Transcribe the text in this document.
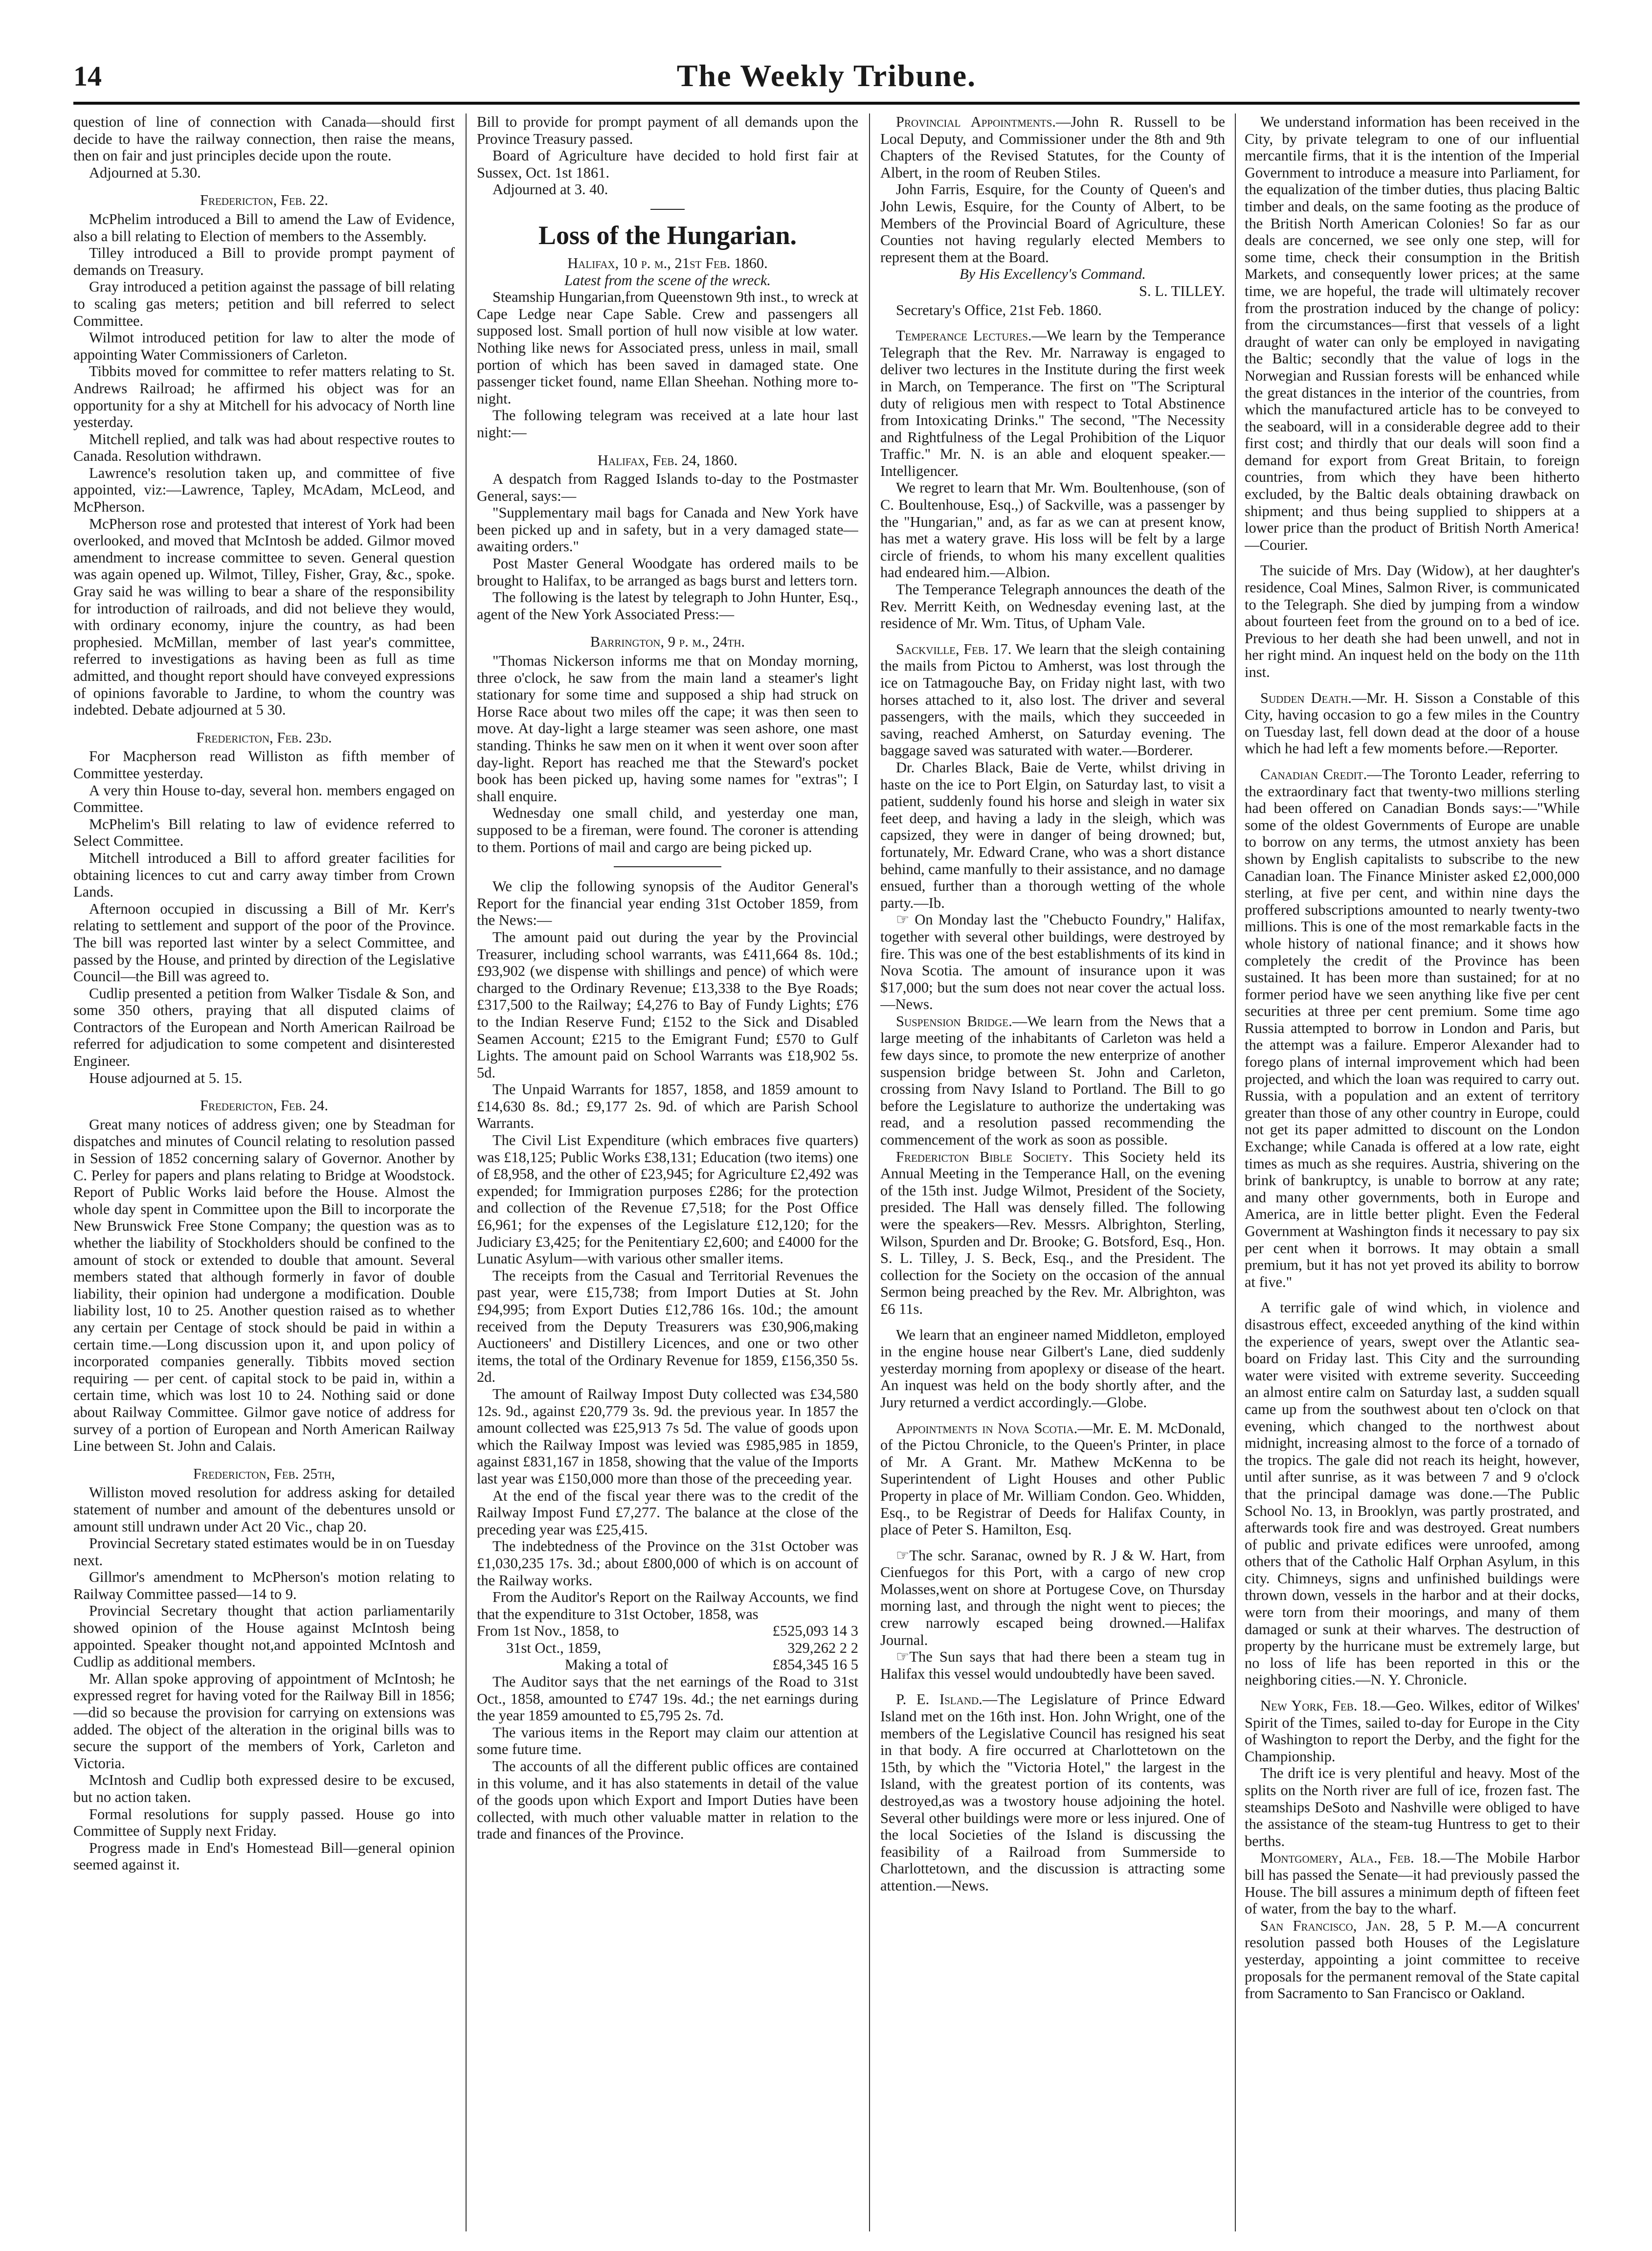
14	The Weekly Tribune.

question of line of connection with Canada—should first decide to have the railway connection, then raise the means, then on fair and just principles decide upon the route.

Adjourned at 5.30.

Fredericton, Feb. 22.

McPhelim introduced a Bill to amend the Law of Evidence, also a bill relating to Election of members to the Assembly.

Tilley introduced a Bill to provide prompt payment of demands on Treasury.

Gray introduced a petition against the passage of bill relating to scaling gas meters; petition and bill referred to select Committee.

Wilmot introduced petition for law to alter the mode of appointing Water Commissioners of Carleton.

Tibbits moved for committee to refer matters relating to St. Andrews Railroad; he affirmed his object was for an opportunity for a shy at Mitchell for his advocacy of North line yesterday.

Mitchell replied, and talk was had about respective routes to Canada. Resolution withdrawn.

Lawrence's resolution taken up, and committee of five appointed, viz:—Lawrence, Tapley, McAdam, McLeod, and McPherson.

McPherson rose and protested that interest of York had been overlooked, and moved that McIntosh be added. Gilmor moved amendment to increase committee to seven. General question was again opened up. Wilmot, Tilley, Fisher, Gray, &c., spoke. Gray said he was willing to bear a share of the responsibility for introduction of railroads, and did not believe they would, with ordinary economy, injure the country, as had been prophesied. McMillan, member of last year's committee, referred to investigations as having been as full as time admitted, and thought report should have conveyed expressions of opinions favorable to Jardine, to whom the country was indebted. Debate adjourned at 5 30.

Fredericton, Feb. 23d.

For Macpherson read Williston as fifth member of Committee yesterday.

A very thin House to-day, several hon. members engaged on Committee.

McPhelim's Bill relating to law of evidence referred to Select Committee.

Mitchell introduced a Bill to afford greater facilities for obtaining licences to cut and carry away timber from Crown Lands.

Afternoon occupied in discussing a Bill of Mr. Kerr's relating to settlement and support of the poor of the Province. The bill was reported last winter by a select Committee, and passed by the House, and printed by direction of the Legislative Council—the Bill was agreed to.

Cudlip presented a petition from Walker Tisdale & Son, and some 350 others, praying that all disputed claims of Contractors of the European and North American Railroad be referred for adjudication to some competent and disinterested Engineer.

House adjourned at 5. 15.

Fredericton, Feb. 24.

Great many notices of address given; one by Steadman for dispatches and minutes of Council relating to resolution passed in Session of 1852 concerning salary of Governor. Another by C. Perley for papers and plans relating to Bridge at Woodstock. Report of Public Works laid before the House. Almost the whole day spent in Committee upon the Bill to incorporate the New Brunswick Free Stone Company; the question was as to whether the liability of Stockholders should be confined to the amount of stock or extended to double that amount. Several members stated that although formerly in favor of double liability, their opinion had undergone a modification. Double liability lost, 10 to 25. Another question raised as to whether any certain per Centage of stock should be paid in within a certain time.—Long discussion upon it, and upon policy of incorporated companies generally. Tibbits moved section requiring — per cent. of capital stock to be paid in, within a certain time, which was lost 10 to 24. Nothing said or done about Railway Committee. Gilmor gave notice of address for survey of a portion of European and North American Railway Line between St. John and Calais.

Fredericton, Feb. 25th,

Williston moved resolution for address asking for detailed statement of number and amount of the debentures unsold or amount still undrawn under Act 20 Vic., chap 20.

Provincial Secretary stated estimates would be in on Tuesday next.

Gillmor's amendment to McPherson's motion relating to Railway Committee passed—14 to 9.

Provincial Secretary thought that action parliamentarily showed opinion of the House against McIntosh being appointed. Speaker thought not,and appointed McIntosh and Cudlip as additional members.

Mr. Allan spoke approving of appointment of McIntosh; he expressed regret for having voted for the Railway Bill in 1856;—did so because the provision for carrying on extensions was added. The object of the alteration in the original bills was to secure the support of the members of York, Carleton and Victoria.

McIntosh and Cudlip both expressed desire to be excused, but no action taken.

Formal resolutions for supply passed. House go into Committee of Supply next Friday.

Progress made in End's Homestead Bill—general opinion seemed against it.

Bill to provide for prompt payment of all demands upon the Province Treasury passed.

Board of Agriculture have decided to hold first fair at Sussex, Oct. 1st 1861.

Adjourned at 3. 40.

Loss of the Hungarian.

Halifax, 10 p. m., 21st Feb. 1860.

Latest from the scene of the wreck.

Steamship Hungarian,from Queenstown 9th inst., to wreck at Cape Ledge near Cape Sable. Crew and passengers all supposed lost. Small portion of hull now visible at low water. Nothing like news for Associated press, unless in mail, small portion of which has been saved in damaged state. One passenger ticket found, name Ellan Sheehan. Nothing more to-night.

The following telegram was received at a late hour last night:—

Halifax, Feb. 24, 1860.

A despatch from Ragged Islands to-day to the Postmaster General, says:—

"Supplementary mail bags for Canada and New York have been picked up and in safety, but in a very damaged state—awaiting orders."

Post Master General Woodgate has ordered mails to be brought to Halifax, to be arranged as bags burst and letters torn.

The following is the latest by telegraph to John Hunter, Esq., agent of the New York Associated Press:—

Barrington, 9 p. m., 24th.

"Thomas Nickerson informs me that on Monday morning, three o'clock, he saw from the main land a steamer's light stationary for some time and supposed a ship had struck on Horse Race about two miles off the cape; it was then seen to move. At day-light a large steamer was seen ashore, one mast standing. Thinks he saw men on it when it went over soon after day-light. Report has reached me that the Steward's pocket book has been picked up, having some names for "extras"; I shall enquire.

Wednesday one small child, and yesterday one man, supposed to be a fireman, were found. The coroner is attending to them. Portions of mail and cargo are being picked up.

We clip the following synopsis of the Auditor General's Report for the financial year ending 31st October 1859, from the News:—

The amount paid out during the year by the Provincial Treasurer, including school warrants, was £411,664 8s. 10d.; £93,902 (we dispense with shillings and pence) of which were charged to the Ordinary Revenue; £13,338 to the Bye Roads; £317,500 to the Railway; £4,276 to Bay of Fundy Lights; £76 to the Indian Reserve Fund; £152 to the Sick and Disabled Seamen Account; £215 to the Emigrant Fund; £570 to Gulf Lights. The amount paid on School Warrants was £18,902 5s. 5d.

The Unpaid Warrants for 1857, 1858, and 1859 amount to £14,630 8s. 8d.; £9,177 2s. 9d. of which are Parish School Warrants.

The Civil List Expenditure (which embraces five quarters) was £18,125; Public Works £38,131; Education (two items) one of £8,958, and the other of £23,945; for Agriculture £2,492 was expended; for Immigration purposes £286; for the protection and collection of the Revenue £7,518; for the Post Office £6,961; for the expenses of the Legislature £12,120; for the Judiciary £3,425; for the Penitentiary £2,600; and £4000 for the Lunatic Asylum—with various other smaller items.

The receipts from the Casual and Territorial Revenues the past year, were £15,738; from Import Duties at St. John £94,995; from Export Duties £12,786 16s. 10d.; the amount received from the Deputy Treasurers was £30,906,making Auctioneers' and Distillery Licences, and one or two other items, the total of the Ordinary Revenue for 1859, £156,350 5s. 2d.

The amount of Railway Impost Duty collected was £34,580 12s. 9d., against £20,779 3s. 9d. the previous year. In 1857 the amount collected was £25,913 7s 5d. The value of goods upon which the Railway Impost was levied was £985,985 in 1859, against £831,167 in 1858, showing that the value of the Imports last year was £150,000 more than those of the preceeding year.

At the end of the fiscal year there was to the credit of the Railway Impost Fund £7,277. The balance at the close of the preceding year was £25,415.

The indebtedness of the Province on the 31st October was £1,030,235 17s. 3d.; about £800,000 of which is on account of the Railway works.

From the Auditor's Report on the Railway Accounts, we find that the expenditure to 31st October, 1858, was

From 1st Nov., 1858, to	£525,093 14 3
31st Oct., 1859,	329,262 2 2
Making a total of	£854,345 16 5

The Auditor says that the net earnings of the Road to 31st Oct., 1858, amounted to £747 19s. 4d.; the net earnings during the year 1859 amounted to £5,795 2s. 7d.

The various items in the Report may claim our attention at some future time.

The accounts of all the different public offices are contained in this volume, and it has also statements in detail of the value of the goods upon which Export and Import Duties have been collected, with much other valuable matter in relation to the trade and finances of the Province.

Provincial Appointments.—John R. Russell to be Local Deputy, and Commissioner under the 8th and 9th Chapters of the Revised Statutes, for the County of Albert, in the room of Reuben Stiles.

John Farris, Esquire, for the County of Queen's and John Lewis, Esquire, for the County of Albert, to be Members of the Provincial Board of Agriculture, these Counties not having regularly elected Members to represent them at the Board.

By His Excellency's Command.

S. L. TILLEY.

Secretary's Office, 21st Feb. 1860.

Temperance Lectures.—We learn by the Temperance Telegraph that the Rev. Mr. Narraway is engaged to deliver two lectures in the Institute during the first week in March, on Temperance. The first on "The Scriptural duty of religious men with respect to Total Abstinence from Intoxicating Drinks." The second, "The Necessity and Rightfulness of the Legal Prohibition of the Liquor Traffic." Mr. N. is an able and eloquent speaker.—Intelligencer.

We regret to learn that Mr. Wm. Boultenhouse, (son of C. Boultenhouse, Esq.,) of Sackville, was a passenger by the "Hungarian," and, as far as we can at present know, has met a watery grave. His loss will be felt by a large circle of friends, to whom his many excellent qualities had endeared him.—Albion.

The Temperance Telegraph announces the death of the Rev. Merritt Keith, on Wednesday evening last, at the residence of Mr. Wm. Titus, of Upham Vale.

Sackville, Feb. 17. We learn that the sleigh containing the mails from Pictou to Amherst, was lost through the ice on Tatmagouche Bay, on Friday night last, with two horses attached to it, also lost. The driver and several passengers, with the mails, which they succeeded in saving, reached Amherst, on Saturday evening. The baggage saved was saturated with water.—Borderer.

Dr. Charles Black, Baie de Verte, whilst driving in haste on the ice to Port Elgin, on Saturday last, to visit a patient, suddenly found his horse and sleigh in water six feet deep, and having a lady in the sleigh, which was capsized, they were in danger of being drowned; but, fortunately, Mr. Edward Crane, who was a short distance behind, came manfully to their assistance, and no damage ensued, further than a thorough wetting of the whole party.—Ib.

☞ On Monday last the "Chebucto Foundry," Halifax, together with several other buildings, were destroyed by fire. This was one of the best establishments of its kind in Nova Scotia. The amount of insurance upon it was $17,000; but the sum does not near cover the actual loss.—News.

Suspension Bridge.—We learn from the News that a large meeting of the inhabitants of Carleton was held a few days since, to promote the new enterprize of another suspension bridge between St. John and Carleton, crossing from Navy Island to Portland. The Bill to go before the Legislature to authorize the undertaking was read, and a resolution passed recommending the commencement of the work as soon as possible.

Fredericton Bible Society. This Society held its Annual Meeting in the Temperance Hall, on the evening of the 15th inst. Judge Wilmot, President of the Society, presided. The Hall was densely filled. The following were the speakers—Rev. Messrs. Albrighton, Sterling, Wilson, Spurden and Dr. Brooke; G. Botsford, Esq., Hon. S. L. Tilley, J. S. Beck, Esq., and the President. The collection for the Society on the occasion of the annual Sermon being preached by the Rev. Mr. Albrighton, was £6 11s.

We learn that an engineer named Middleton, employed in the engine house near Gilbert's Lane, died suddenly yesterday morning from apoplexy or disease of the heart. An inquest was held on the body shortly after, and the Jury returned a verdict accordingly.—Globe.

Appointments in Nova Scotia.—Mr. E. M. McDonald, of the Pictou Chronicle, to the Queen's Printer, in place of Mr. A Grant. Mr. Mathew McKenna to be Superintendent of Light Houses and other Public Property in place of Mr. William Condon. Geo. Whidden, Esq., to be Registrar of Deeds for Halifax County, in place of Peter S. Hamilton, Esq.

☞The schr. Saranac, owned by R. J & W. Hart, from Cienfuegos for this Port, with a cargo of new crop Molasses,went on shore at Portugese Cove, on Thursday morning last, and through the night went to pieces; the crew narrowly escaped being drowned.—Halifax Journal.

☞The Sun says that had there been a steam tug in Halifax this vessel would undoubtedly have been saved.

P. E. Island.—The Legislature of Prince Edward Island met on the 16th inst. Hon. John Wright, one of the members of the Legislative Council has resigned his seat in that body. A fire occurred at Charlottetown on the 15th, by which the "Victoria Hotel," the largest in the Island, with the greatest portion of its contents, was destroyed,as was a twostory house adjoining the hotel. Several other buildings were more or less injured. One of the local Societies of the Island is discussing the feasibility of a Railroad from Summerside to Charlottetown, and the discussion is attracting some attention.—News.

We understand information has been received in the City, by private telegram to one of our influential mercantile firms, that it is the intention of the Imperial Government to introduce a measure into Parliament, for the equalization of the timber duties, thus placing Baltic timber and deals, on the same footing as the produce of the British North American Colonies! So far as our deals are concerned, we see only one step, will for some time, check their consumption in the British Markets, and consequently lower prices; at the same time, we are hopeful, the trade will ultimately recover from the prostration induced by the change of policy: from the circumstances—first that vessels of a light draught of water can only be employed in navigating the Baltic; secondly that the value of logs in the Norwegian and Russian forests will be enhanced while the great distances in the interior of the countries, from which the manufactured article has to be conveyed to the seaboard, will in a considerable degree add to their first cost; and thirdly that our deals will soon find a demand for export from Great Britain, to foreign countries, from which they have been hitherto excluded, by the Baltic deals obtaining drawback on shipment; and thus being supplied to shippers at a lower price than the product of British North America!—Courier.

The suicide of Mrs. Day (Widow), at her daughter's residence, Coal Mines, Salmon River, is communicated to the Telegraph. She died by jumping from a window about fourteen feet from the ground on to a bed of ice. Previous to her death she had been unwell, and not in her right mind. An inquest held on the body on the 11th inst.

Sudden Death.—Mr. H. Sisson a Constable of this City, having occasion to go a few miles in the Country on Tuesday last, fell down dead at the door of a house which he had left a few moments before.—Reporter.

Canadian Credit.—The Toronto Leader, referring to the extraordinary fact that twenty-two millions sterling had been offered on Canadian Bonds says:—"While some of the oldest Governments of Europe are unable to borrow on any terms, the utmost anxiety has been shown by English capitalists to subscribe to the new Canadian loan. The Finance Minister asked £2,000,000 sterling, at five per cent, and within nine days the proffered subscriptions amounted to nearly twenty-two millions. This is one of the most remarkable facts in the whole history of national finance; and it shows how completely the credit of the Province has been sustained. It has been more than sustained; for at no former period have we seen anything like five per cent securities at three per cent premium. Some time ago Russia attempted to borrow in London and Paris, but the attempt was a failure. Emperor Alexander had to forego plans of internal improvement which had been projected, and which the loan was required to carry out. Russia, with a population and an extent of territory greater than those of any other country in Europe, could not get its paper admitted to discount on the London Exchange; while Canada is offered at a low rate, eight times as much as she requires. Austria, shivering on the brink of bankruptcy, is unable to borrow at any rate; and many other governments, both in Europe and America, are in little better plight. Even the Federal Government at Washington finds it necessary to pay six per cent when it borrows. It may obtain a small premium, but it has not yet proved its ability to borrow at five."

A terrific gale of wind which, in violence and disastrous effect, exceeded anything of the kind within the experience of years, swept over the Atlantic sea-board on Friday last. This City and the surrounding water were visited with extreme severity. Succeeding an almost entire calm on Saturday last, a sudden squall came up from the southwest about ten o'clock on that evening, which changed to the northwest about midnight, increasing almost to the force of a tornado of the tropics. The gale did not reach its height, however, until after sunrise, as it was between 7 and 9 o'clock that the principal damage was done.—The Public School No. 13, in Brooklyn, was partly prostrated, and afterwards took fire and was destroyed. Great numbers of public and private edifices were unroofed, among others that of the Catholic Half Orphan Asylum, in this city. Chimneys, signs and unfinished buildings were thrown down, vessels in the harbor and at their docks, were torn from their moorings, and many of them damaged or sunk at their wharves. The destruction of property by the hurricane must be extremely large, but no loss of life has been reported in this or the neighboring cities.—N. Y. Chronicle.

New York, Feb. 18.—Geo. Wilkes, editor of Wilkes' Spirit of the Times, sailed to-day for Europe in the City of Washington to report the Derby, and the fight for the Championship.

The drift ice is very plentiful and heavy. Most of the splits on the North river are full of ice, frozen fast. The steamships DeSoto and Nashville were obliged to have the assistance of the steam-tug Huntress to get to their berths.

Montgomery, Ala., Feb. 18.—The Mobile Harbor bill has passed the Senate—it had previously passed the House. The bill assures a minimum depth of fifteen feet of water, from the bay to the wharf.

San Francisco, Jan. 28, 5 P. M.—A concurrent resolution passed both Houses of the Legislature yesterday, appointing a joint committee to receive proposals for the permanent removal of the State capital from Sacramento to San Francisco or Oakland.
